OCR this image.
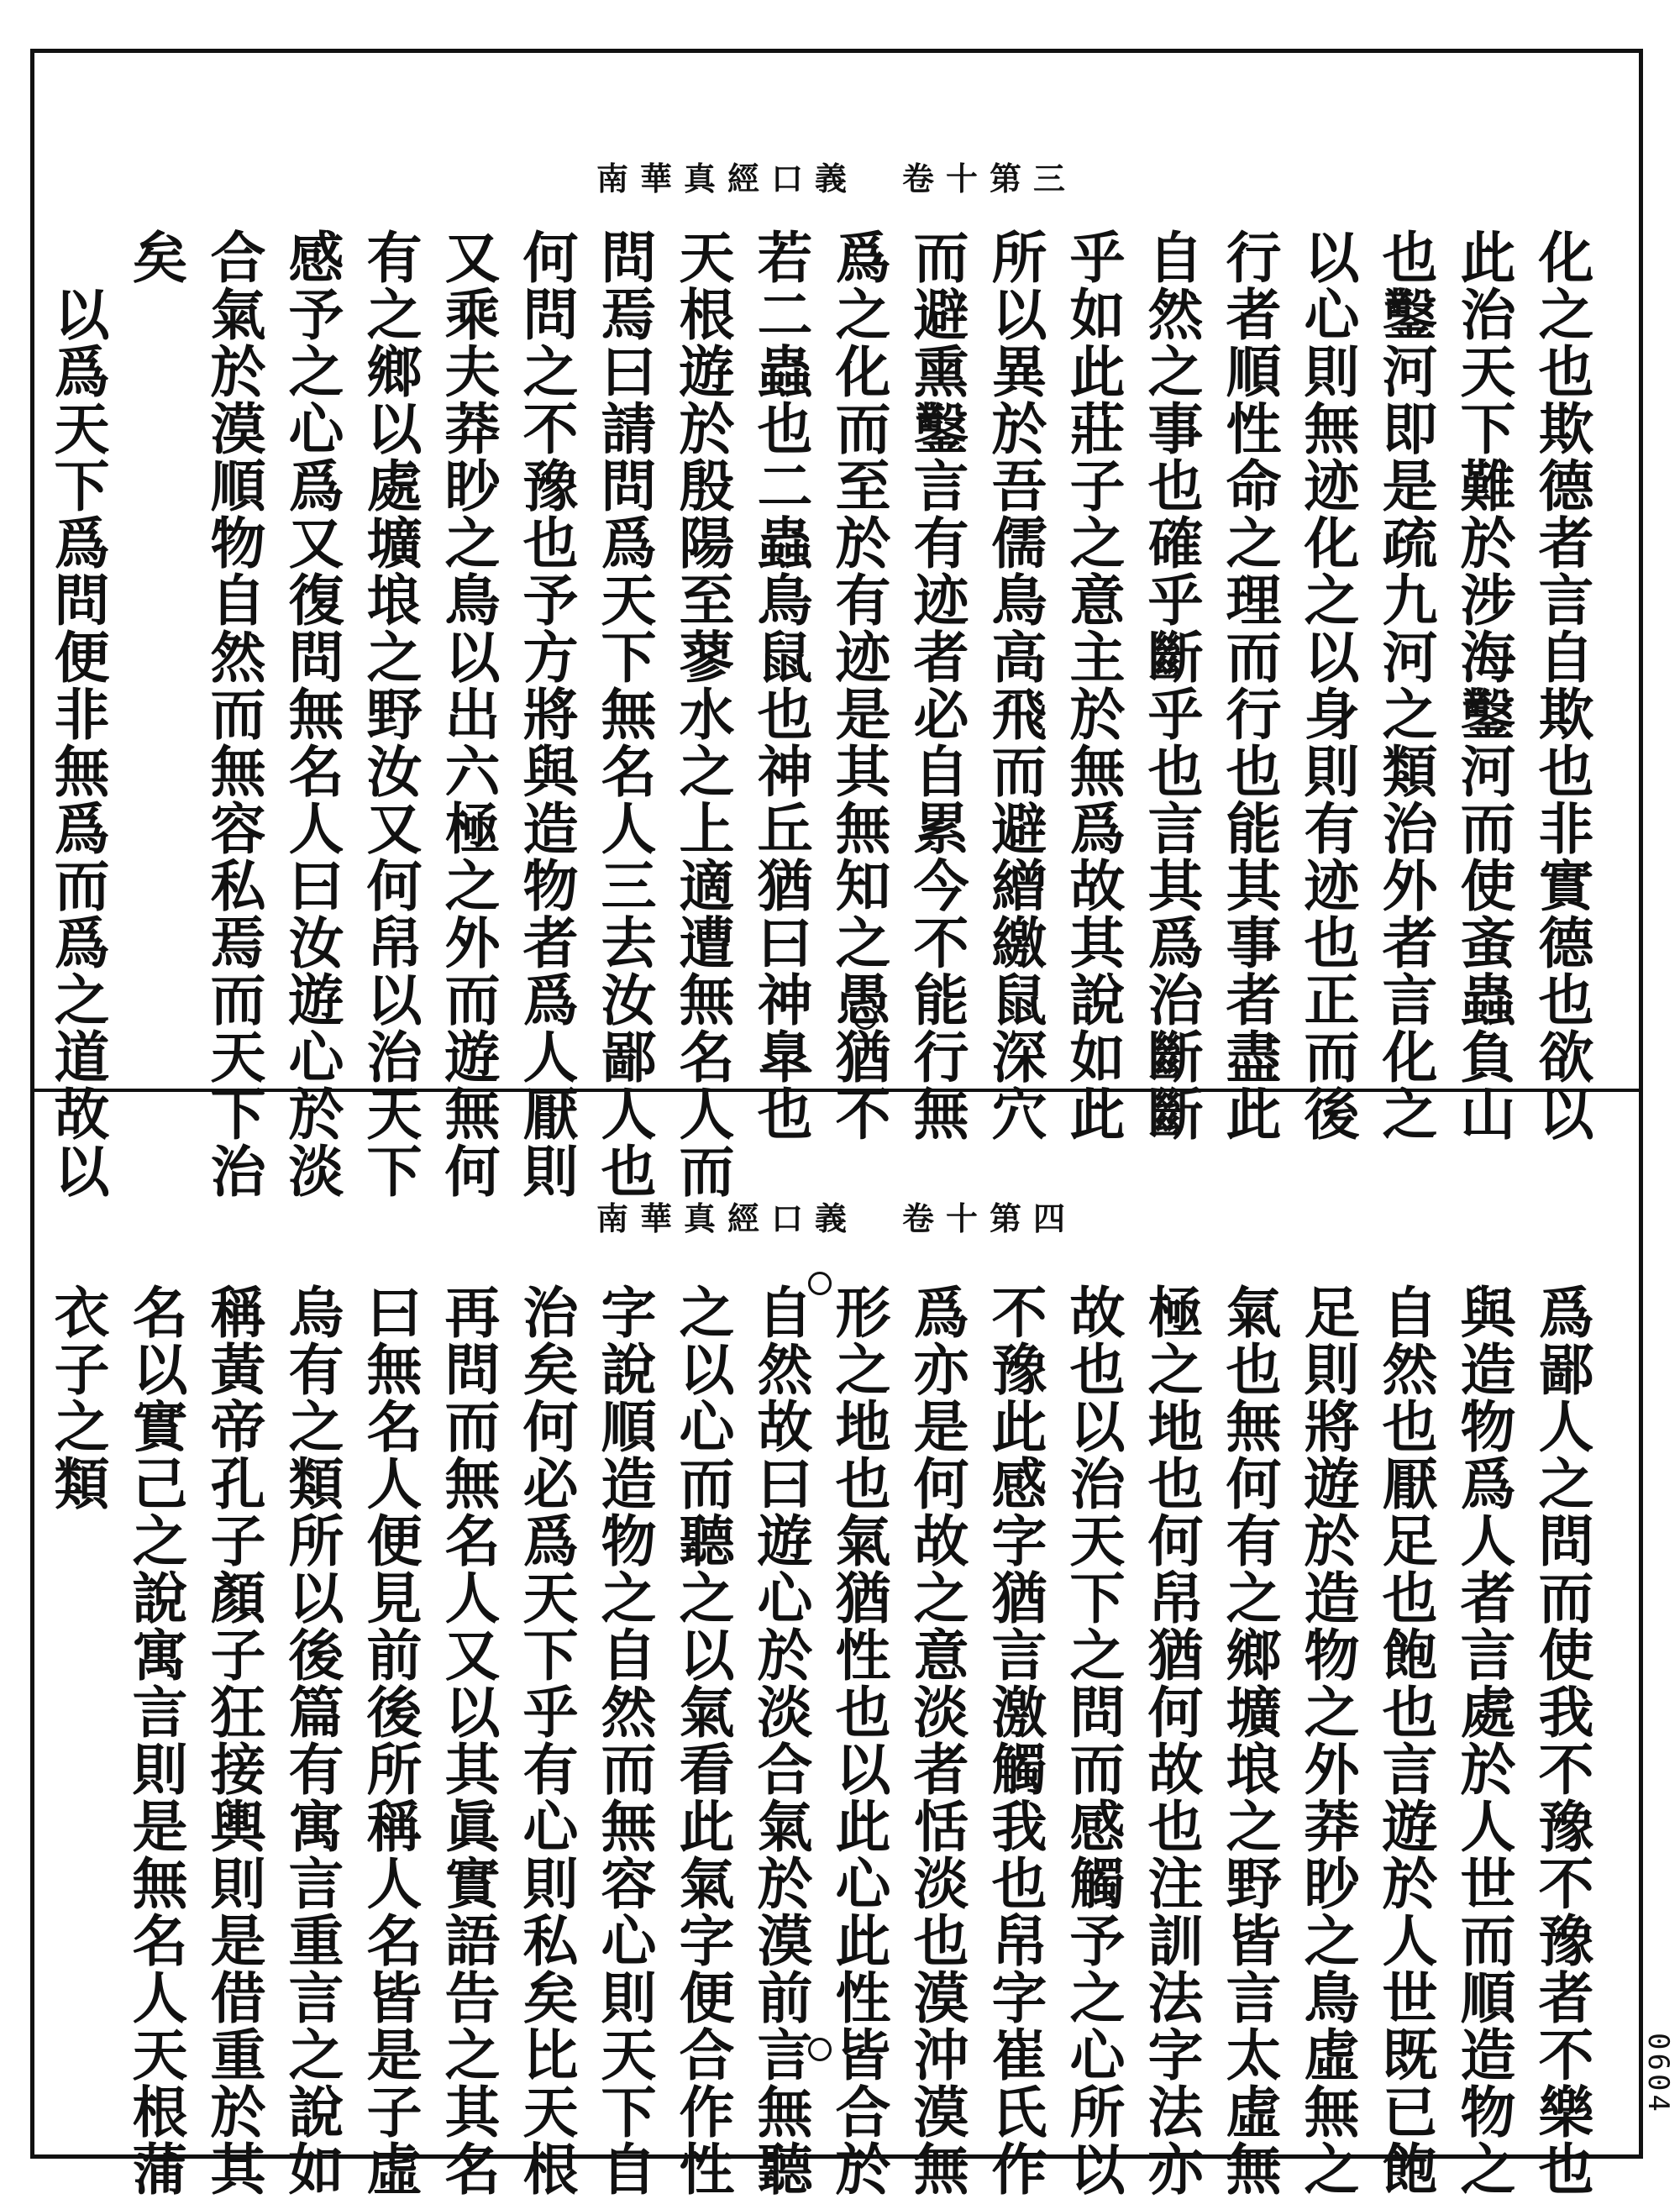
南華真經口義　卷十第三
化之也欺德者言自欺也非實德也欲以
此治天下難於涉海鑿河而使蚉蟲負山
也鑿河即是疏九河之類治外者言化之
以心則無迹化之以身則有迹也正而後
行者順性命之理而行也能其事者盡此
自然之事也確乎斷乎也言其爲治斷斷
乎如此莊子之意主於無爲故其說如此
所以異於吾儒鳥高飛而避繒繳鼠深穴
而避熏鑿言有迹者必自累今不能行無
爲之化而至於有迹是其無知之愚猶不
若二蟲也二蟲鳥鼠也神丘猶曰神臯也
天根遊於殷陽至蓼水之上適遭無名人而
問焉曰請問爲天下無名人三去汝鄙人也
何問之不豫也予方將與造物者爲人厭則
又乘夫莽眇之鳥以出六極之外而遊無何
有之鄉以處壙埌之野汝又何帠以治天下
感予之心爲又復問無名人曰汝遊心於淡
合氣於漠順物自然而無容私焉而天下治
矣
以爲天下爲問便非無爲而爲之道故以
南華真經口義　卷十第四
爲鄙人之問而使我不豫不豫者不樂也
與造物爲人者言處於人世而順造物之
自然也厭足也飽也言遊於人世既已飽
足則將遊於造物之外莽眇之鳥虛無之
氣也無何有之鄉壙埌之野皆言太虛無
極之地也何帠猶何故也注訓法字法亦
故也以治天下之問而感觸予之心所以
不豫此感字猶言激觸我也帠字崔氏作
爲亦是何故之意淡者恬淡也漠沖漠無
形之地也氣猶性也以此心此性皆合於
自然故曰遊心於淡合氣於漠前言無聽
之以心而聽之以氣看此氣字便合作性
字說順造物之自然而無容心則天下自
治矣何必爲天下乎有心則私矣比天根
再問而無名人又以其眞實語告之其名
曰無名人便見前後所稱人名皆是子虛
烏有之類所以後篇有寓言重言之說如
稱黃帝孔子顏子狂接輿則是借重於其
名以實己之說寓言則是無名人天根蒲
衣子之類
0604
